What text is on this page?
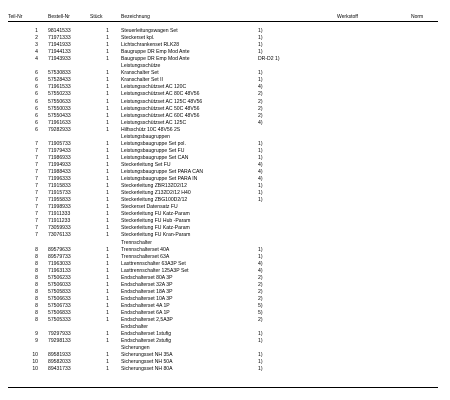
Teil-Nr	Bestell-Nr	Stück	Bezeichnung	Werkstoff	Norm
1 98141533	1 Steuerleitungswagen Set	1)
2 71971333	1 Steckerset kpl.	1)
3 71941933	1 Lichtschrankenset RLK28	1)
4 71944133	1 Baugruppe DR Emp Mod Ante	1)
4 71943933	1 Baugruppe DR Emp Mod Ante	DR-D2 1)
Leistungsschütze
6 57530833	1 Kranschalter Set	1)
6 57528433	1 Kranschalter Set II	1)
6 71961533	1 Leistungsschützset AC 120C	4)
6 57550233	1 Leistungsschützset AC 80C 48V56	2)
6 57550633	1 Leistungsschützset AC 125C 48V56	2)
6 57550033	1 Leistungsschützset AC 50C 48V56	2)
6 57550433	1 Leistungsschützset AC 60C 48V56	2)
6 71961633	1 Leistungsschützset AC 125C	4)
6 79282933	1 Hilfsschütz 10C 48V56 2S
Leistungsbaugruppen
7 71905733	1 Leistungsbaugruppe Set pol.	1)
7 71979433	1 Leistungsbaugruppe Set FU	1)
7 71986933	1 Leistungsbaugruppe Set CAN	1)
7 71994933	1 Steckerleitung Set FU	4)
7 71988433	1 Leistungsbaugruppe Set PARA CAN	4)
7 71996333	1 Leistungsbaugruppe Set PARA IN	4)
7 71915833	1 Steckerleitung ZBR132D2/12	1)
7 71915733	1 Steckerleitung Z132D2/12 H40	1)
7 71955833	1 Steckerleitung ZBG100D2/12	1)
7 71998933	1 Steckerset Datensatz FU
7 71911333	1 Steckerleitung FU Katz-Param
7 71911233	1 Steckerleitung FU Hub -Param
7 73059933	1 Steckerleitung FU Katz-Param
7 73076133	1 Steckerleitung FU Kran-Param
Trennschalter
8 89579633	1 Trennschalterset 40A	1)
8 89579733	1 Trennschalterset 63A	1)
8 71963033	1 Lasttrennschalter 63A3P Set	4)
8 71963133	1 Lasttrennschalter 125A3P Set	4)
8 57506233	1 Endschalterset 80A 3P	2)
8 57506033	1 Endschalterset 32A 3P	2)
8 57505833	1 Endschalterset 18A 3P	2)
8 57506633	1 Endschalterset 10A 3P	2)
8 57506733	1 Endschalterset 4A 1P	5)
8 57506833	1 Endschalterset 6A 1P	5)
8 57505333	1 Endschalterset 2,5A3P	2)
Endschalter
9 79297933	1 Endschalterset 1stufig	1)
9 79298133	1 Endschalterset 2stufig	1)
Sicherungen
10 89581933	1 Sicherungsset NH 35A	1)
10 89582033	1 Sicherungsset NH 50A	1)
10 89431733	1 Sicherungsset NH 80A	1)
